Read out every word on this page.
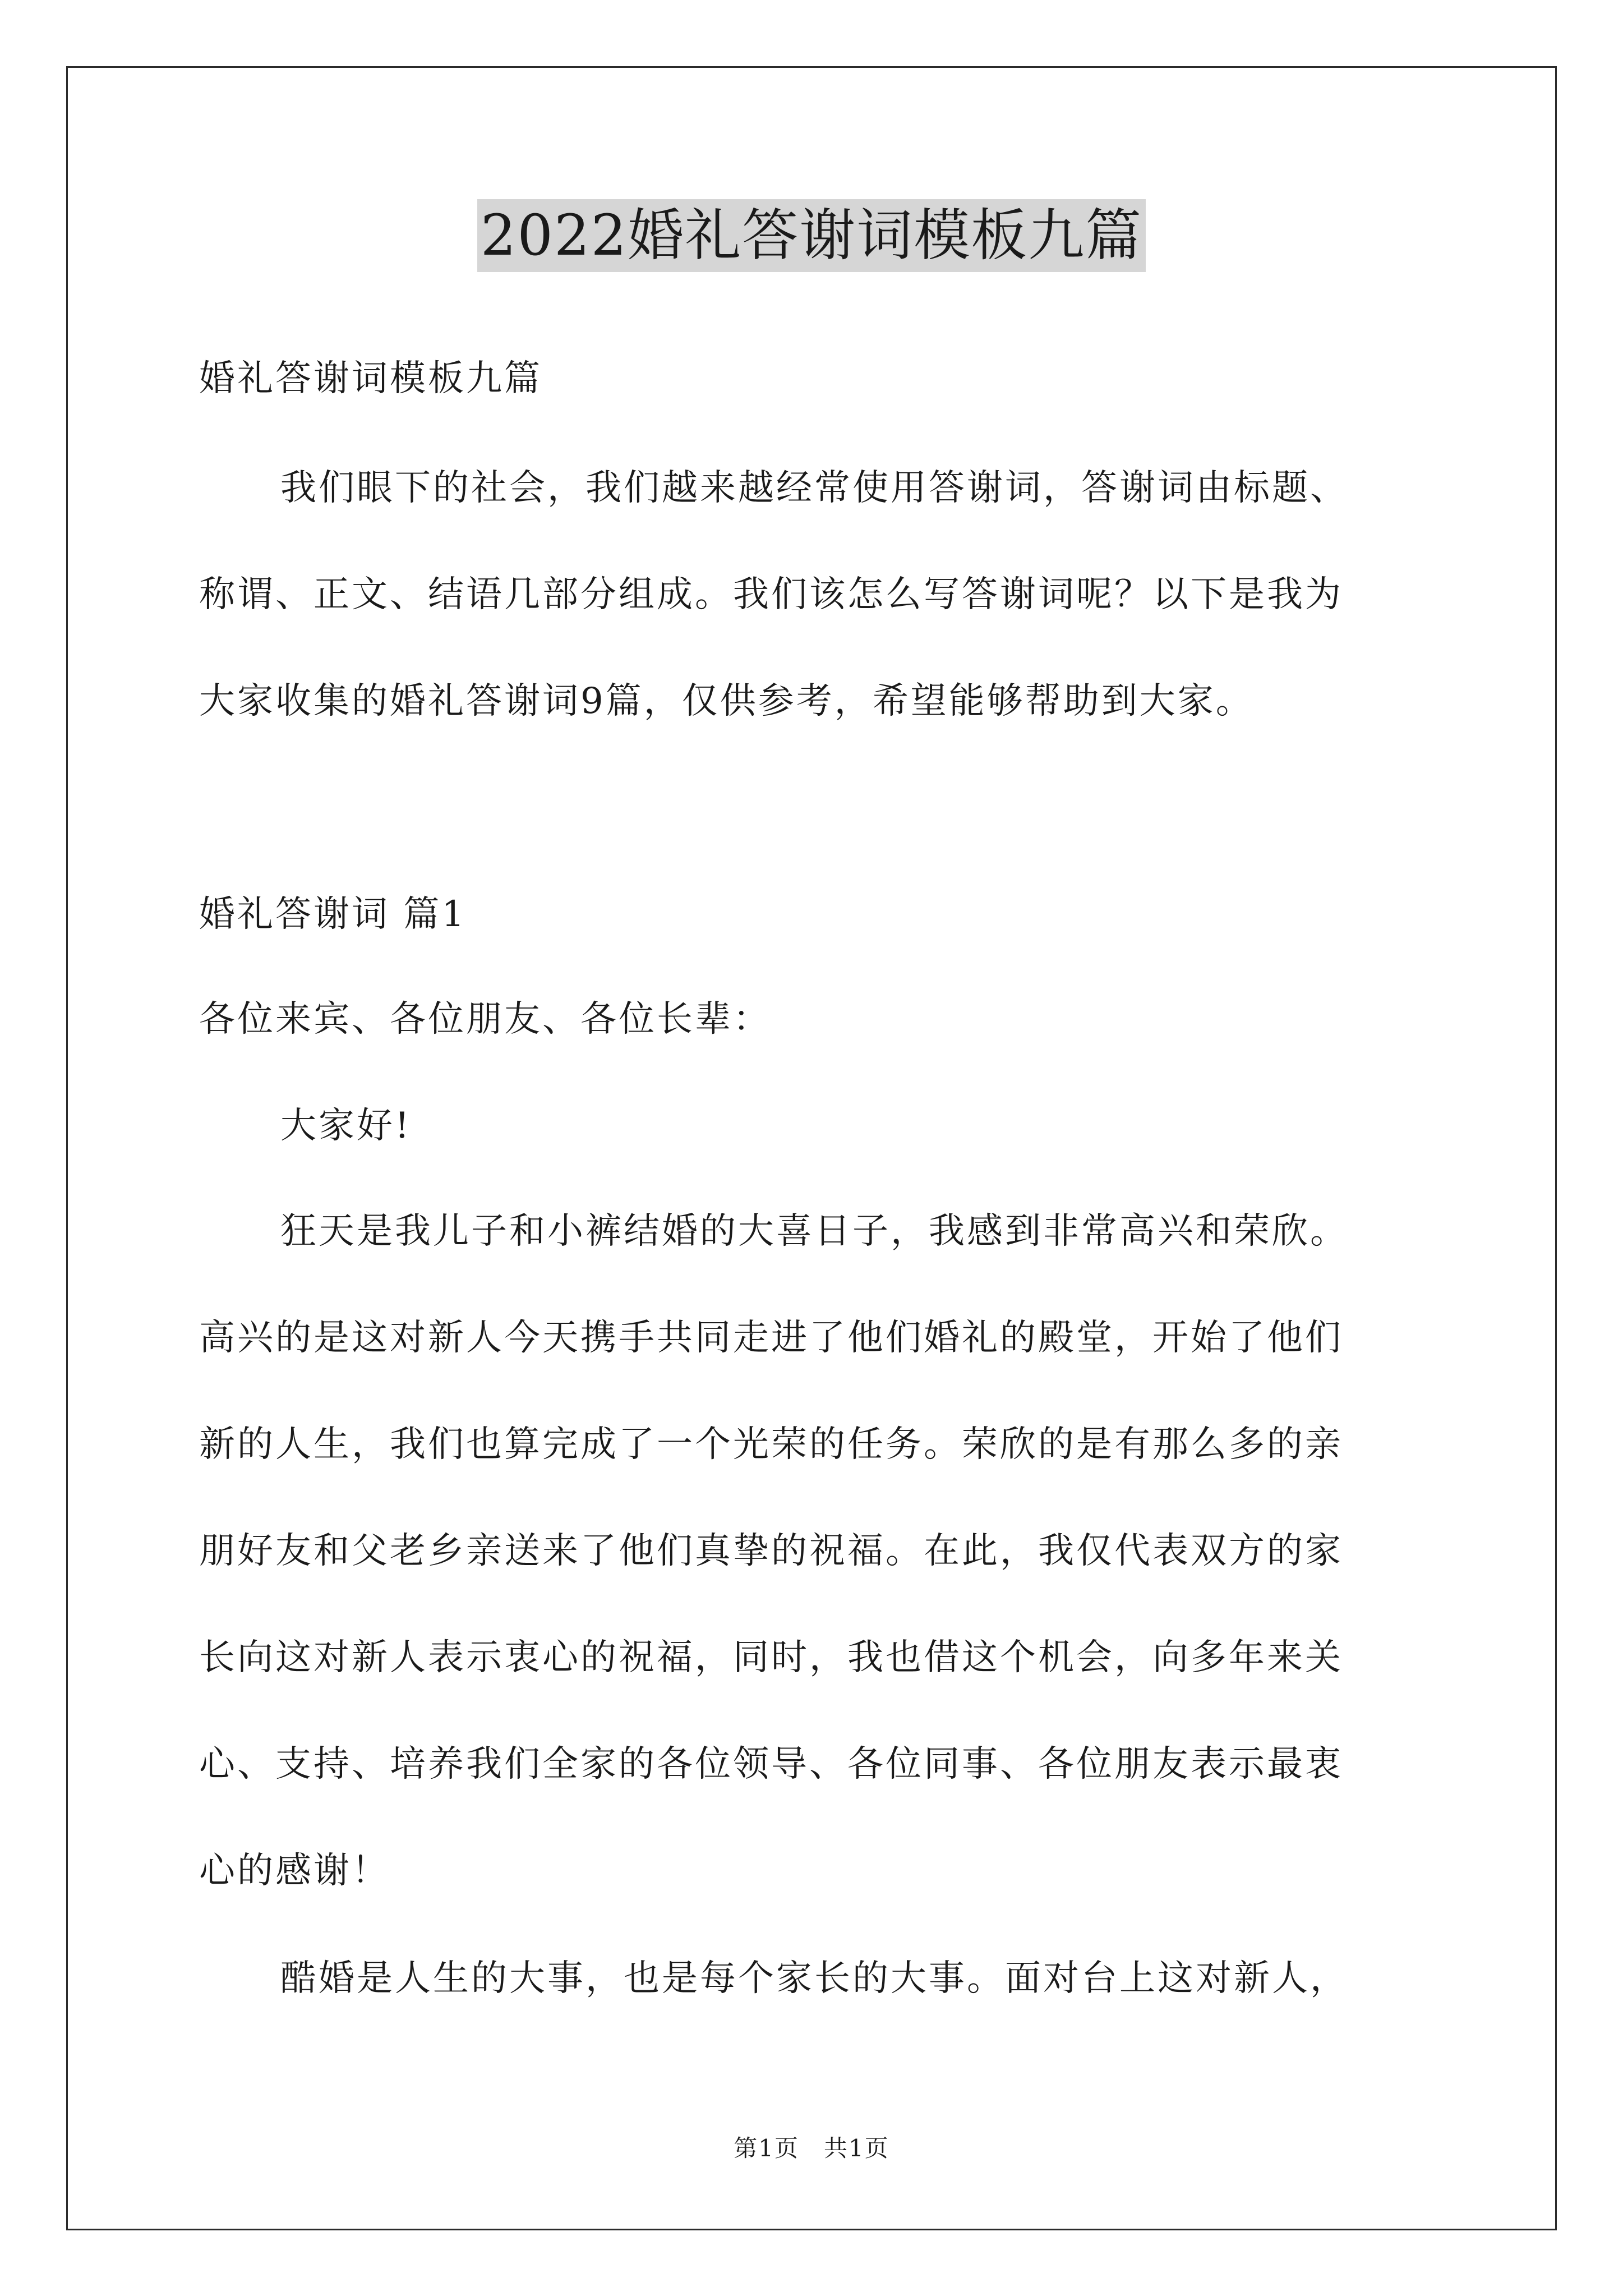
2022婚礼答谢词模板九篇
婚礼答谢词模板九篇
我们眼下的社会，我们越来越经常使用答谢词，答谢词由标题、
称谓、正文、结语几部分组成。我们该怎么写答谢词呢？以下是我为
大家收集的婚礼答谢词9篇，仅供参考，希望能够帮助到大家。
婚礼答谢词 篇1
各位来宾、各位朋友、各位长辈：
大家好!
狂天是我儿子和小裤结婚的大喜日子，我感到非常高兴和荣欣。
高兴的是这对新人今天携手共同走进了他们婚礼的殿堂，开始了他们
新的人生，我们也算完成了一个光荣的任务。荣欣的是有那么多的亲
朋好友和父老乡亲送来了他们真挚的祝福。在此，我仅代表双方的家
长向这对新人表示衷心的祝福，同时，我也借这个机会，向多年来关
心、支持、培养我们全家的各位领导、各位同事、各位朋友表示最衷
心的感谢！
酷婚是人生的大事，也是每个家长的大事。面对台上这对新人，
第1页　共1页
